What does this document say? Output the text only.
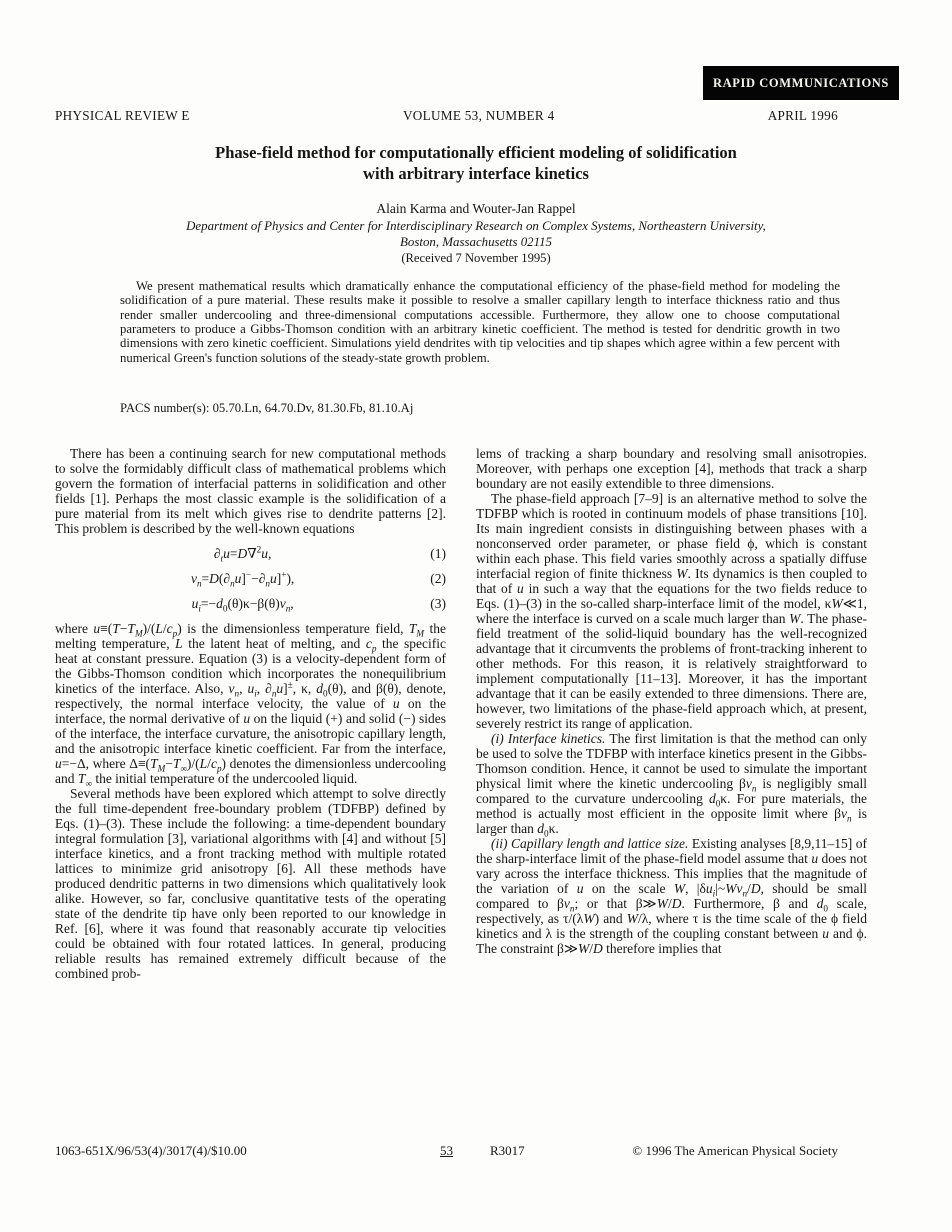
RAPID COMMUNICATIONS
PHYSICAL REVIEW E	VOLUME 53, NUMBER 4	APRIL 1996
Phase-field method for computationally efficient modeling of solidification
with arbitrary interface kinetics
Alain Karma and Wouter-Jan Rappel
Department of Physics and Center for Interdisciplinary Research on Complex Systems, Northeastern University,
Boston, Massachusetts 02115
(Received 7 November 1995)

We present mathematical results which dramatically enhance the computational efficiency of the phase-field method for modeling the solidification of a pure material. These results make it possible to resolve a smaller capillary length to interface thickness ratio and thus render smaller undercooling and three-dimensional computations accessible. Furthermore, they allow one to choose computational parameters to produce a Gibbs-Thomson condition with an arbitrary kinetic coefficient. The method is tested for dendritic growth in two dimensions with zero kinetic coefficient. Simulations yield dendrites with tip velocities and tip shapes which agree within a few percent with numerical Green's function solutions of the steady-state growth problem.

PACS number(s): 05.70.Ln, 64.70.Dv, 81.30.Fb, 81.10.Aj

There has been a continuing search for new computational methods to solve the formidably difficult class of mathematical problems which govern the formation of interfacial patterns in solidification and other fields [1]. Perhaps the most classic example is the solidification of a pure material from its melt which gives rise to dendrite patterns [2]. This problem is described by the well-known equations

$\partial_tu=D\nabla^2u$,	(1)
$v_n=D(\partial_nu]^--\partial_nu]^+$),	(2)
$u_i=-d_0(\theta)\kappa-\beta(\theta)v_n$,	(3)

where $u\equiv(T-T_M)/(L/c_p)$ is the dimensionless temperature field, $T_M$ the melting temperature, L the latent heat of melting, and $c_p$ the specific heat at constant pressure. Equation (3) is a velocity-dependent form of the Gibbs-Thomson condition which incorporates the nonequilibrium kinetics of the interface. Also, $v_n$, $u_i$, $\partial_nu]^\pm$, κ, $d_0(\theta)$, and β(θ), denote, respectively, the normal interface velocity, the value of u on the interface, the normal derivative of u on the liquid (+) and solid (−) sides of the interface, the interface curvature, the anisotropic capillary length, and the anisotropic interface kinetic coefficient. Far from the interface, u=−Δ, where $\Delta\equiv(T_M-T_\infty)/(L/c_p)$ denotes the dimensionless undercooling and $T_\infty$ the initial temperature of the undercooled liquid.

Several methods have been explored which attempt to solve directly the full time-dependent free-boundary problem (TDFBP) defined by Eqs. (1)–(3). These include the following: a time-dependent boundary integral formulation [3], variational algorithms with [4] and without [5] interface kinetics, and a front tracking method with multiple rotated lattices to minimize grid anisotropy [6]. All these methods have produced dendritic patterns in two dimensions which qualitatively look alike. However, so far, conclusive quantitative tests of the operating state of the dendrite tip have only been reported to our knowledge in Ref. [6], where it was found that reasonably accurate tip velocities could be obtained with four rotated lattices. In general, producing reliable results has remained extremely difficult because of the combined prob-

lems of tracking a sharp boundary and resolving small anisotropies. Moreover, with perhaps one exception [4], methods that track a sharp boundary are not easily extendible to three dimensions.

The phase-field approach [7–9] is an alternative method to solve the TDFBP which is rooted in continuum models of phase transitions [10]. Its main ingredient consists in distinguishing between phases with a nonconserved order parameter, or phase field ϕ, which is constant within each phase. This field varies smoothly across a spatially diffuse interfacial region of finite thickness W. Its dynamics is then coupled to that of u in such a way that the equations for the two fields reduce to Eqs. (1)–(3) in the so-called sharp-interface limit of the model, κW≪1, where the interface is curved on a scale much larger than W. The phase-field treatment of the solid-liquid boundary has the well-recognized advantage that it circumvents the problems of front-tracking inherent to other methods. For this reason, it is relatively straightforward to implement computationally [11–13]. Moreover, it has the important advantage that it can be easily extended to three dimensions. There are, however, two limitations of the phase-field approach which, at present, severely restrict its range of application.

(i) Interface kinetics. The first limitation is that the method can only be used to solve the TDFBP with interface kinetics present in the Gibbs-Thomson condition. Hence, it cannot be used to simulate the important physical limit where the kinetic undercooling $\beta v_n$ is negligibly small compared to the curvature undercooling $d_0\kappa$. For pure materials, the method is actually most efficient in the opposite limit where $\beta v_n$ is larger than $d_0\kappa$.

(ii) Capillary length and lattice size. Existing analyses [8,9,11–15] of the sharp-interface limit of the phase-field model assume that u does not vary across the interface thickness. This implies that the magnitude of the variation of u on the scale W, $|\delta u_i|\sim Wv_n/D$, should be small compared to $\beta v_n$; or that β≫W/D. Furthermore, β and $d_0$ scale, respectively, as τ/(λW) and W/λ, where τ is the time scale of the ϕ field kinetics and λ is the strength of the coupling constant between u and ϕ. The constraint β≫W/D therefore implies that

1063-651X/96/53(4)/3017(4)/$10.00	53	R3017	© 1996 The American Physical Society
